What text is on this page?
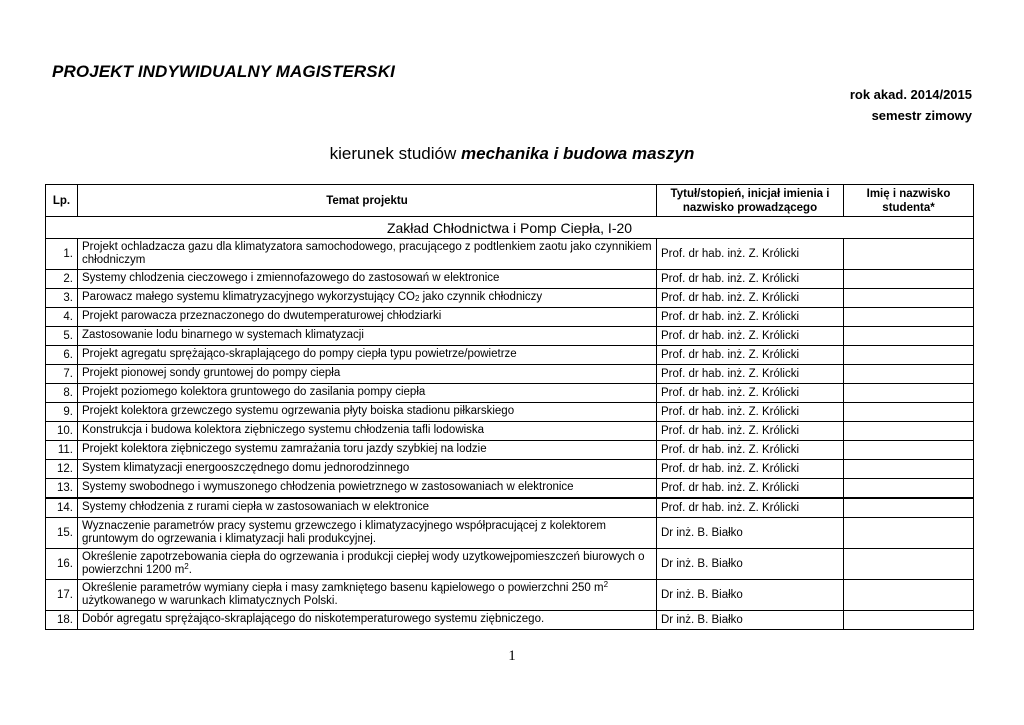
PROJEKT INDYWIDUALNY MAGISTERSKI
rok akad. 2014/2015
semestr zimowy
kierunek studiów mechanika i budowa maszyn
Lp.	Temat projektu	Tytuł/stopień, inicjał imienia i nazwisko prowadzącego	Imię i nazwisko studenta*
Zakład Chłodnictwa i Pomp Ciepła, I-20			
1.	Projekt ochladzacza gazu dla klimatyzatora samochodowego, pracującego z podtlenkiem zaotu jako czynnikiem chłodniczym	Prof. dr hab. inż. Z. Królicki	
2.	Systemy chlodzenia cieczowego i zmiennofazowego do zastosowań w elektronice	Prof. dr hab. inż. Z. Królicki	
3.	Parowacz małego systemu klimatryzacyjnego wykorzystujący $CO_2$ jako czynnik chłodniczy	Prof. dr hab. inż. Z. Królicki	
4.	Projekt parowacza przeznaczonego do dwutemperaturowej chłodziarki	Prof. dr hab. inż. Z. Królicki	
5.	Zastosowanie lodu binarnego w systemach klimatyzacji	Prof. dr hab. inż. Z. Królicki	
6.	Projekt agregatu sprężająco-skraplającego do pompy ciepła typu powietrze/powietrze	Prof. dr hab. inż. Z. Królicki	
7.	Projekt pionowej sondy gruntowej do pompy ciepła	Prof. dr hab. inż. Z. Królicki	
8.	Projekt poziomego kolektora gruntowego do zasilania pompy ciepła	Prof. dr hab. inż. Z. Królicki	
9.	Projekt kolektora grzewczego systemu ogrzewania płyty boiska stadionu piłkarskiego	Prof. dr hab. inż. Z. Królicki	
10.	Konstrukcja i budowa kolektora ziębniczego systemu chłodzenia tafli lodowiska	Prof. dr hab. inż. Z. Królicki	
11.	Projekt kolektora ziębniczego systemu zamrażania toru jazdy szybkiej na lodzie	Prof. dr hab. inż. Z. Królicki	
12.	System klimatyzacji energooszczędnego domu jednorodzinnego	Prof. dr hab. inż. Z. Królicki	
13.	Systemy swobodnego i wymuszonego chłodzenia powietrznego w zastosowaniach w elektronice	Prof. dr hab. inż. Z. Królicki	
14.	Systemy chłodzenia z rurami ciepła w zastosowaniach w elektronice	Prof. dr hab. inż. Z. Królicki	
15.	Wyznaczenie parametrów pracy systemu grzewczego i klimatyzacyjnego współpracującej z kolektorem gruntowym do ogrzewania i klimatyzacji hali produkcyjnej.	Dr inż. B. Białko	
16.	Określenie zapotrzebowania ciepła do ogrzewania i produkcji ciepłej wody uzytkowejpomieszczeń biurowych o powierzchni 1200 $m^2$.	Dr inż. B. Białko	
17.	Określenie parametrów wymiany ciepła i masy zamkniętego basenu kąpielowego o powierzchni 250 $m^2$ użytkowanego w warunkach klimatycznych Polski.	Dr inż. B. Białko	
18.	Dobór agregatu sprężająco-skraplającego do niskotemperaturowego systemu ziębniczego.	Dr inż. B. Białko	
1
